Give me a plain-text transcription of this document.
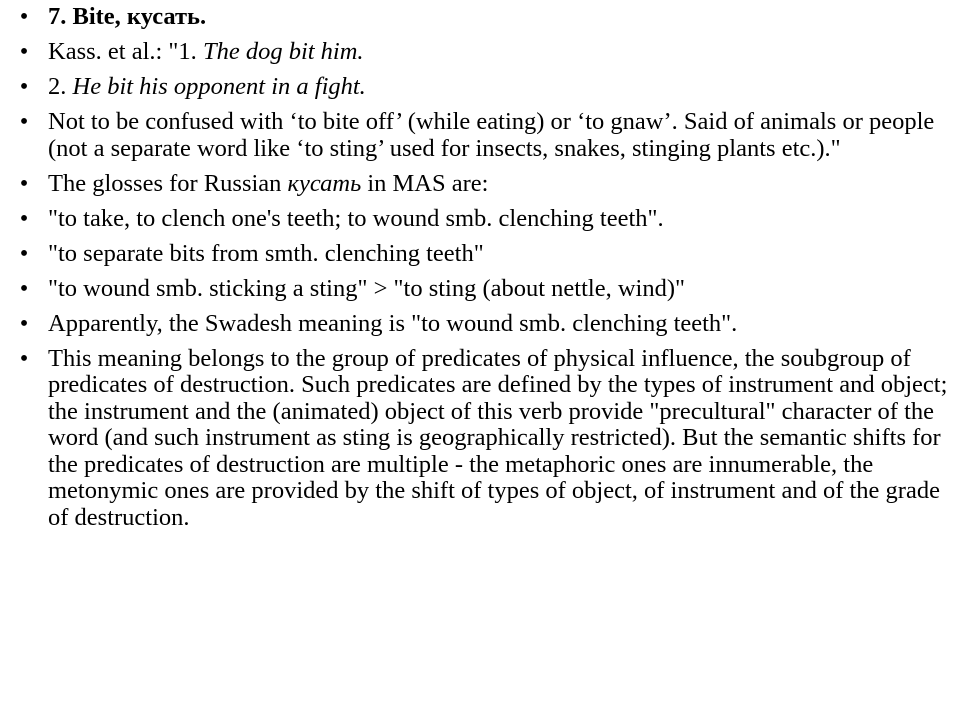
• 7. Bite, кусать.
• Kass. et al.: "1. The dog bit him.
• 2. He bit his opponent in a fight.
• Not to be confused with ‘to bite off’ (while eating) or ‘to gnaw’. Said of animals or people (not a separate word like ‘to sting’ used for insects, snakes, stinging plants etc.)."
• The glosses for Russian кусать in MAS are:
• "to take, to clench one's teeth; to wound smb. clenching teeth".
• "to separate bits from smth. clenching teeth"
• "to wound smb. sticking a sting" > "to sting (about nettle, wind)"
• Apparently, the Swadesh meaning is "to wound smb. clenching teeth".
• This meaning belongs to the group of predicates of physical influence, the soubgroup of predicates of destruction. Such predicates are defined by the types of instrument and object; the instrument and the (animated) object of this verb provide "precultural" character of the word (and such instrument as sting is geographically restricted). But the semantic shifts for the predicates of destruction are multiple - the metaphoric ones are innumerable, the metonymic ones are provided by the shift of types of object, of instrument and of the grade of destruction.
